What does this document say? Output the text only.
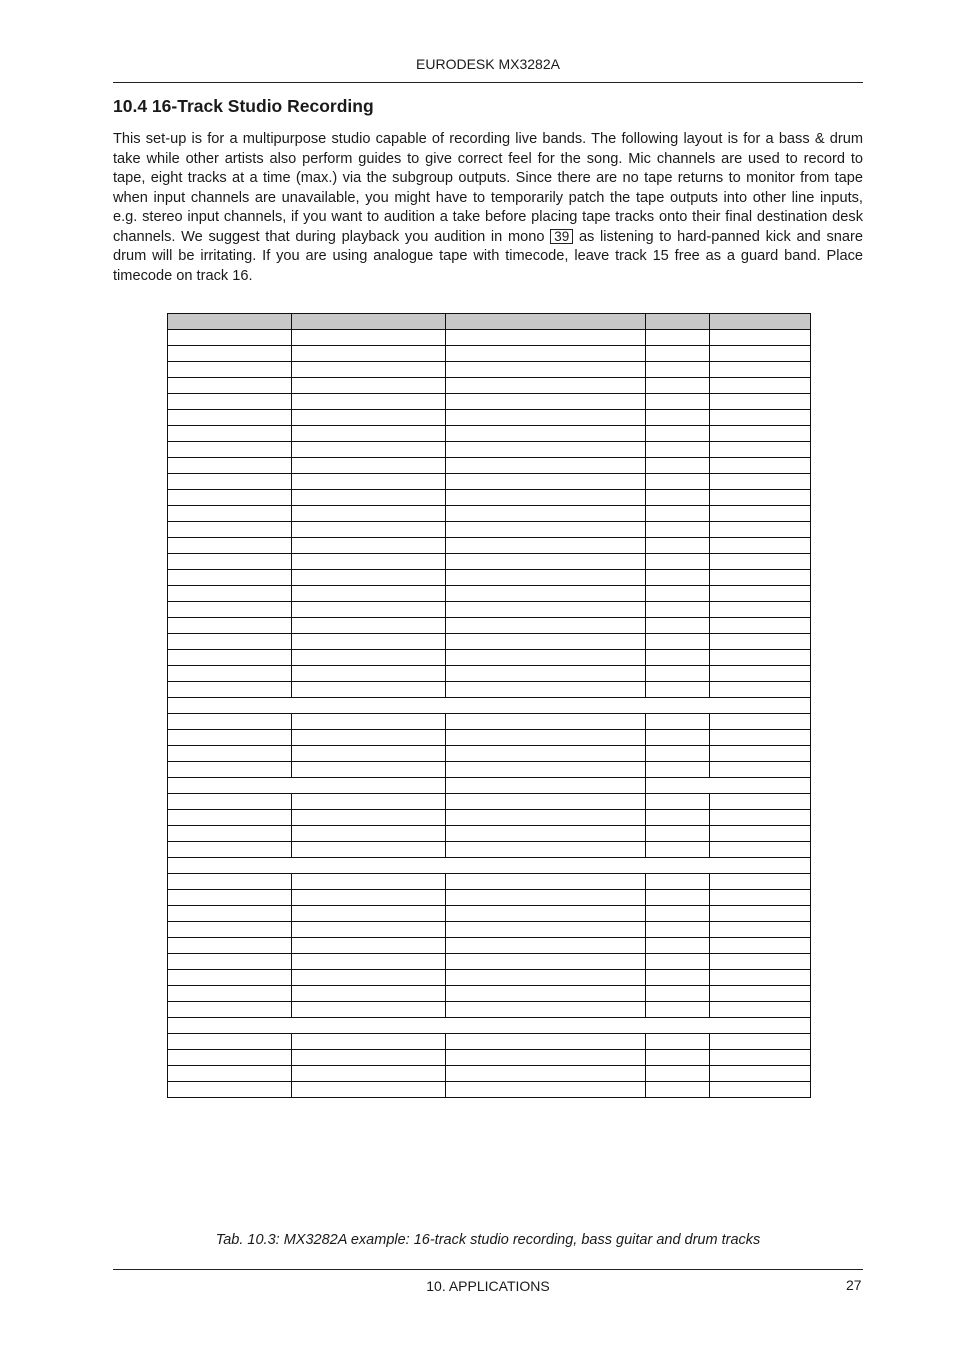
EURODESK MX3282A
10.4 16-Track Studio Recording

This set-up is for a multipurpose studio capable of recording live bands. The following layout is for a bass & drum take while other artists also perform guides to give correct feel for the song. Mic channels are used to record to tape, eight tracks at a time (max.) via the subgroup outputs. Since there are no tape returns to monitor from tape when input channels are unavailable, you might have to temporarily patch the tape outputs into other line inputs, e.g. stereo input channels, if you want to audition a take before placing tape tracks onto their final destination desk channels. We suggest that during playback you audition in mono 39 as listening to hard-panned kick and snare drum will be irritating. If you are using analogue tape with timecode, leave track 15 free as a guard band. Place timecode on track 16.

Tab. 10.3: MX3282A example: 16-track studio recording, bass guitar and drum tracks
10. APPLICATIONS	27
